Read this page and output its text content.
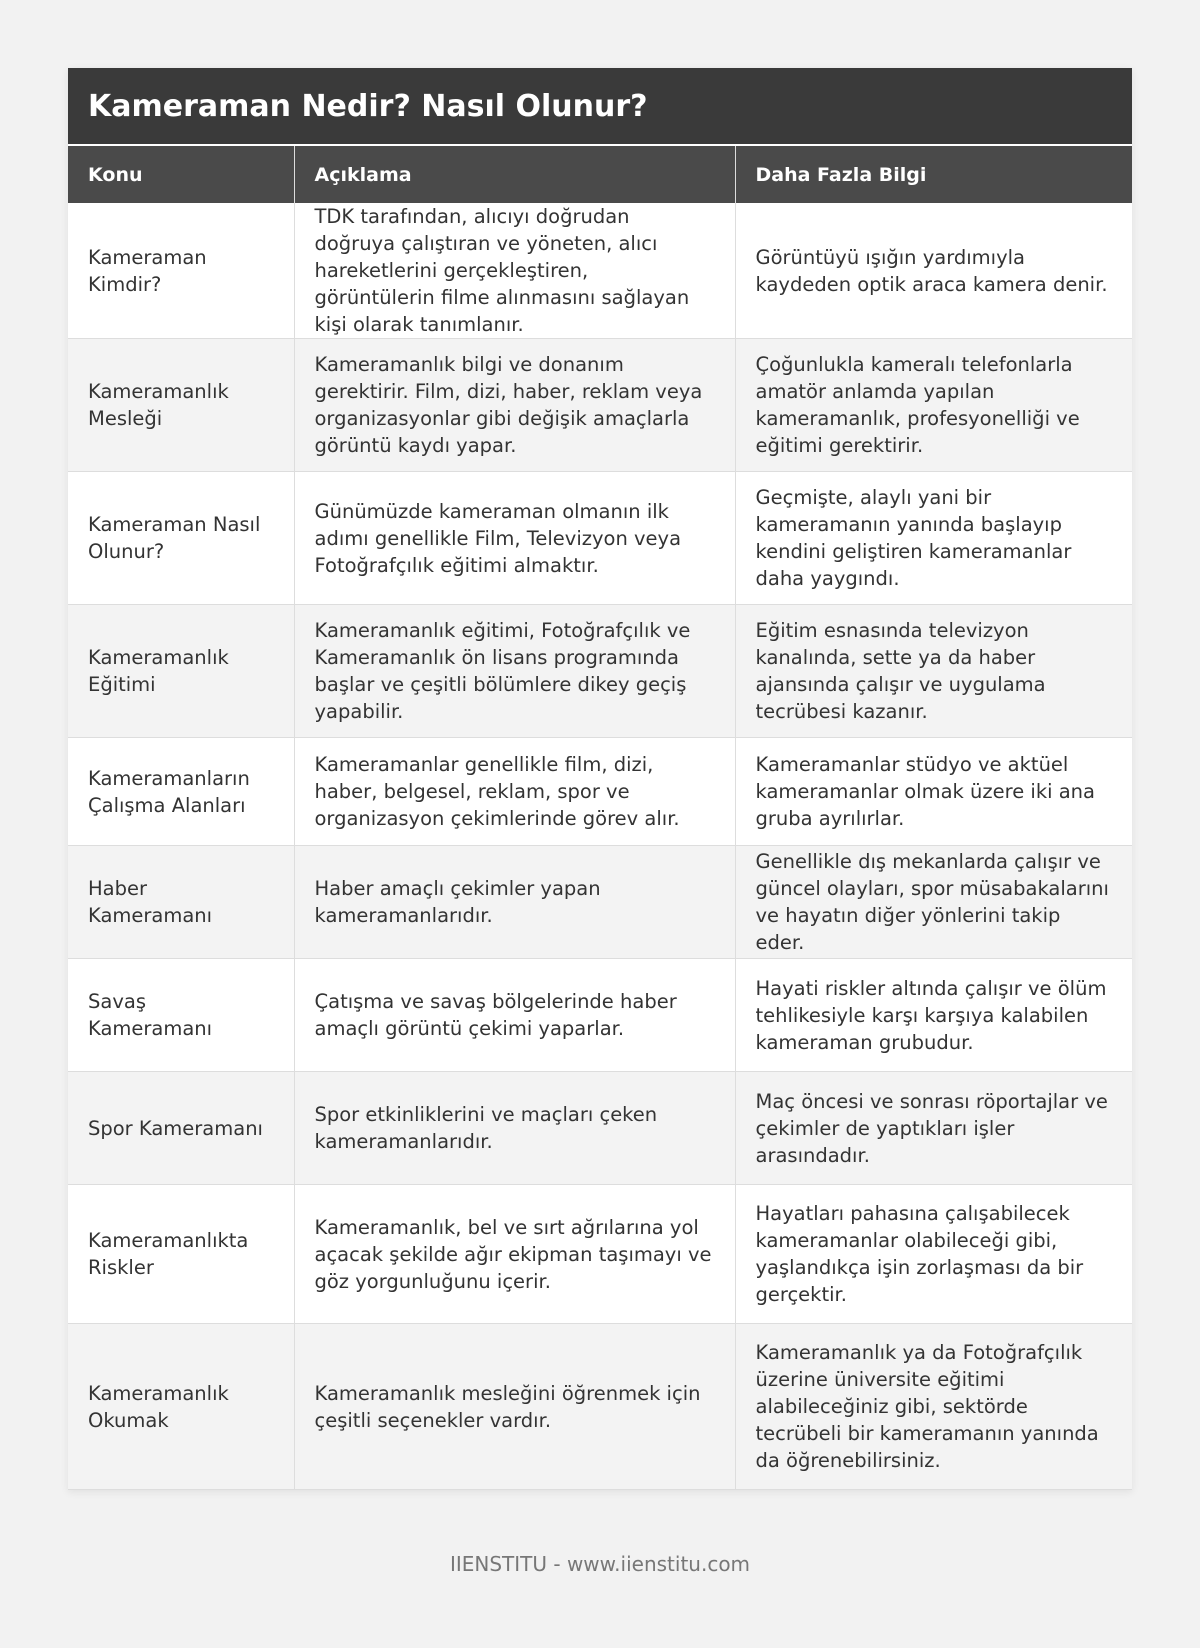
Kameraman Nedir? Nasıl Olunur?
Konu	Açıklama	Daha Fazla Bilgi
Kameraman Kimdir?	TDK tarafından, alıcıyı doğrudan doğruya çalıştıran ve yöneten, alıcı hareketlerini gerçekleştiren, görüntülerin filme alınmasını sağlayan kişi olarak tanımlanır.	Görüntüyü ışığın yardımıyla kaydeden optik araca kamera denir.
Kameramanlık Mesleği	Kameramanlık bilgi ve donanım gerektirir. Film, dizi, haber, reklam veya organizasyonlar gibi değişik amaçlarla görüntü kaydı yapar.	Çoğunlukla kameralı telefonlarla amatör anlamda yapılan kameramanlık, profesyonelliği ve eğitimi gerektirir.
Kameraman Nasıl Olunur?	Günümüzde kameraman olmanın ilk adımı genellikle Film, Televizyon veya Fotoğrafçılık eğitimi almaktır.	Geçmişte, alaylı yani bir kameramanın yanında başlayıp kendini geliştiren kameramanlar daha yaygındı.
Kameramanlık Eğitimi	Kameramanlık eğitimi, Fotoğrafçılık ve Kameramanlık ön lisans programında başlar ve çeşitli bölümlere dikey geçiş yapabilir.	Eğitim esnasında televizyon kanalında, sette ya da haber ajansında çalışır ve uygulama tecrübesi kazanır.
Kameramanların Çalışma Alanları	Kameramanlar genellikle film, dizi, haber, belgesel, reklam, spor ve organizasyon çekimlerinde görev alır.	Kameramanlar stüdyo ve aktüel kameramanlar olmak üzere iki ana gruba ayrılırlar.
Haber Kameramanı	Haber amaçlı çekimler yapan kameramanlarıdır.	Genellikle dış mekanlarda çalışır ve güncel olayları, spor müsabakalarını ve hayatın diğer yönlerini takip eder.
Savaş Kameramanı	Çatışma ve savaş bölgelerinde haber amaçlı görüntü çekimi yaparlar.	Hayati riskler altında çalışır ve ölüm tehlikesiyle karşı karşıya kalabilen kameraman grubudur.
Spor Kameramanı	Spor etkinliklerini ve maçları çeken kameramanlarıdır.	Maç öncesi ve sonrası röportajlar ve çekimler de yaptıkları işler arasındadır.
Kameramanlıkta Riskler	Kameramanlık, bel ve sırt ağrılarına yol açacak şekilde ağır ekipman taşımayı ve göz yorgunluğunu içerir.	Hayatları pahasına çalışabilecek kameramanlar olabileceği gibi, yaşlandıkça işin zorlaşması da bir gerçektir.
Kameramanlık Okumak	Kameramanlık mesleğini öğrenmek için çeşitli seçenekler vardır.	Kameramanlık ya da Fotoğrafçılık üzerine üniversite eğitimi alabileceğiniz gibi, sektörde tecrübeli bir kameramanın yanında da öğrenebilirsiniz.
IIENSTITU - www.iienstitu.com
